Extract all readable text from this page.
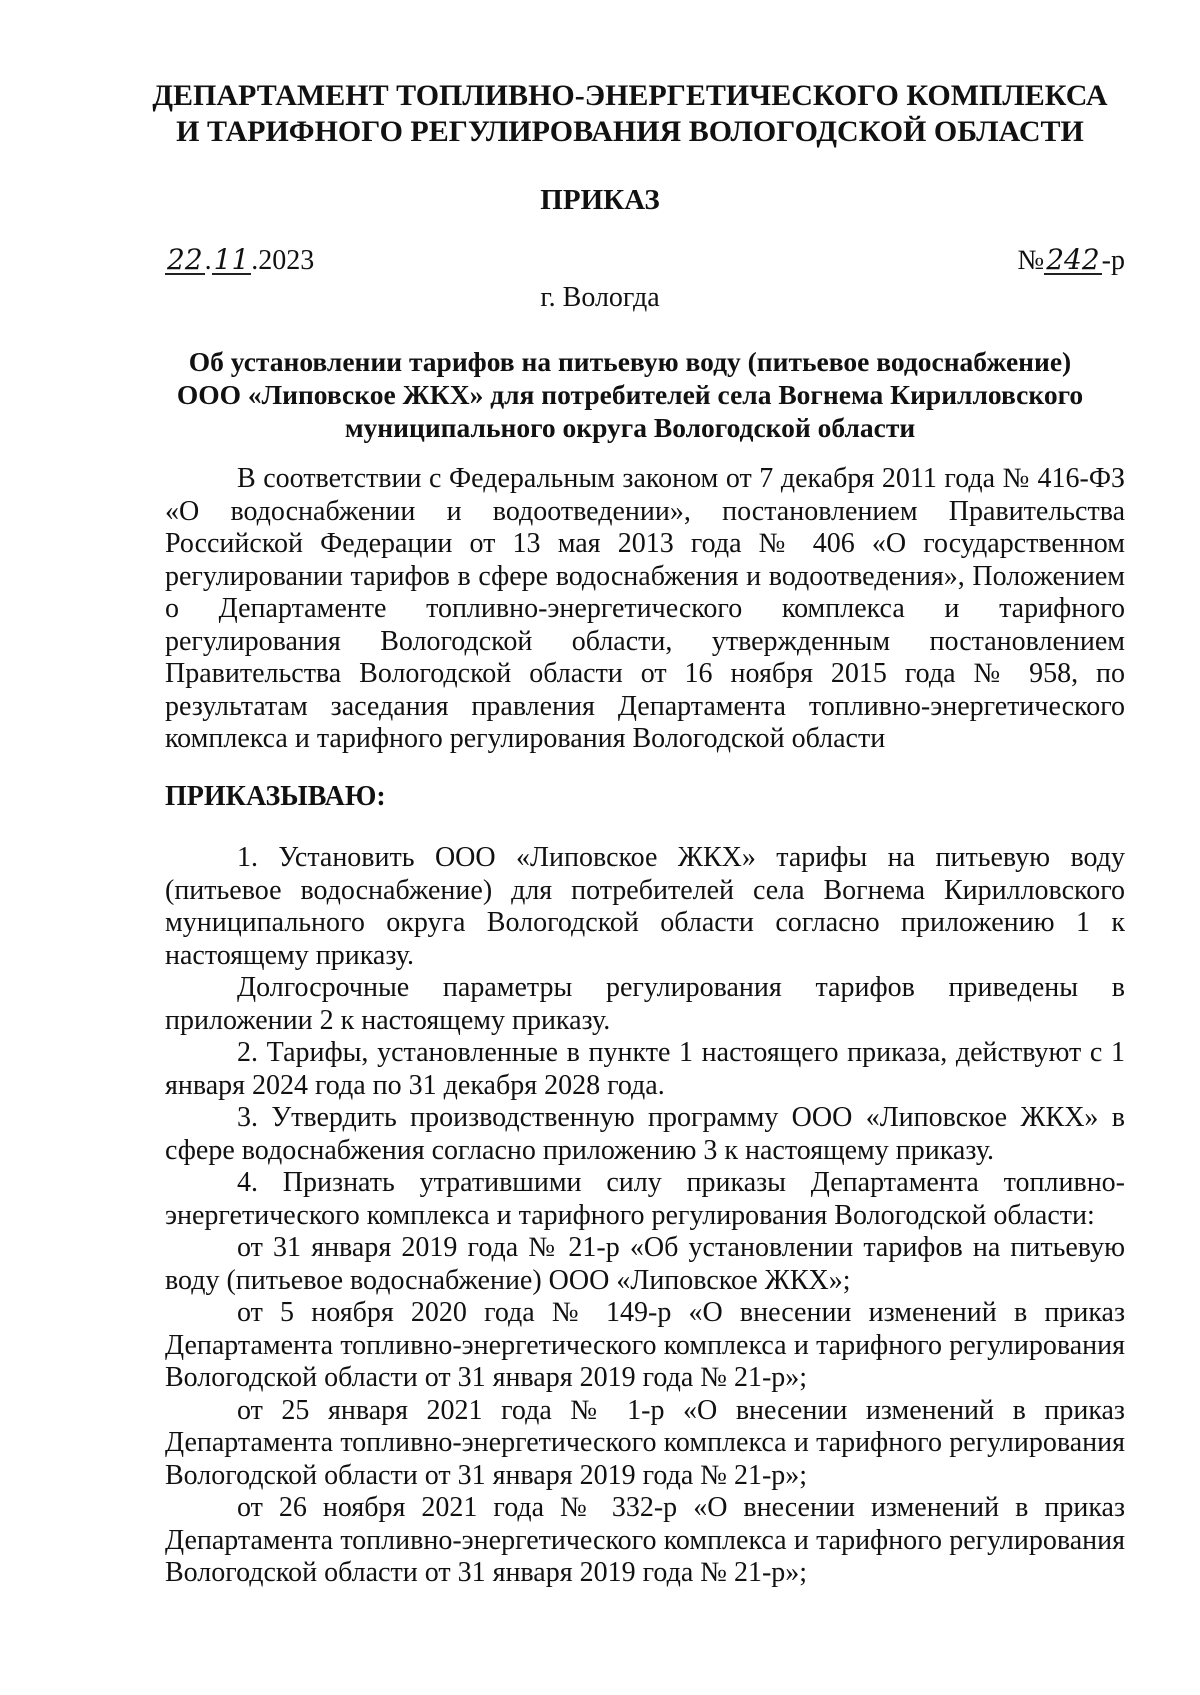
ДЕПАРТАМЕНТ ТОПЛИВНО-ЭНЕРГЕТИЧЕСКОГО КОМПЛЕКСА
И ТАРИФНОГО РЕГУЛИРОВАНИЯ ВОЛОГОДСКОЙ ОБЛАСТИ
ПРИКАЗ
22.11.2023	№242-р
г. Вологда
Об установлении тарифов на питьевую воду (питьевое водоснабжение)
ООО «Липовское ЖКХ» для потребителей села Вогнема Кирилловского
муниципального округа Вологодской области

В соответствии с Федеральным законом от 7 декабря 2011 года № 416-ФЗ «О водоснабжении и водоотведении», постановлением Правительства Российской Федерации от 13 мая 2013 года № 406 «О государственном регулировании тарифов в сфере водоснабжения и водоотведения», Положением о Департаменте топливно-энергетического комплекса и тарифного регулирования Вологодской области, утвержденным постановлением Правительства Вологодской области от 16 ноября 2015 года № 958, по результатам заседания правления Департамента топливно-энергетического комплекса и тарифного регулирования Вологодской области

ПРИКАЗЫВАЮ:

1. Установить ООО «Липовское ЖКХ» тарифы на питьевую воду (питьевое водоснабжение) для потребителей села Вогнема Кирилловского муниципального округа Вологодской области согласно приложению 1 к настоящему приказу.

Долгосрочные параметры регулирования тарифов приведены в приложении 2 к настоящему приказу.

2. Тарифы, установленные в пункте 1 настоящего приказа, действуют с 1 января 2024 года по 31 декабря 2028 года.

3. Утвердить производственную программу ООО «Липовское ЖКХ» в сфере водоснабжения согласно приложению 3 к настоящему приказу.

4. Признать утратившими силу приказы Департамента топливно-энергетического комплекса и тарифного регулирования Вологодской области:

от 31 января 2019 года № 21-р «Об установлении тарифов на питьевую воду (питьевое водоснабжение) ООО «Липовское ЖКХ»;

от 5 ноября 2020 года № 149-р «О внесении изменений в приказ Департамента топливно-энергетического комплекса и тарифного регулирования Вологодской области от 31 января 2019 года № 21-р»;

от 25 января 2021 года № 1-р «О внесении изменений в приказ Департамента топливно-энергетического комплекса и тарифного регулирования Вологодской области от 31 января 2019 года № 21-р»;

от 26 ноября 2021 года № 332-р «О внесении изменений в приказ Департамента топливно-энергетического комплекса и тарифного регулирования Вологодской области от 31 января 2019 года № 21-р»;
